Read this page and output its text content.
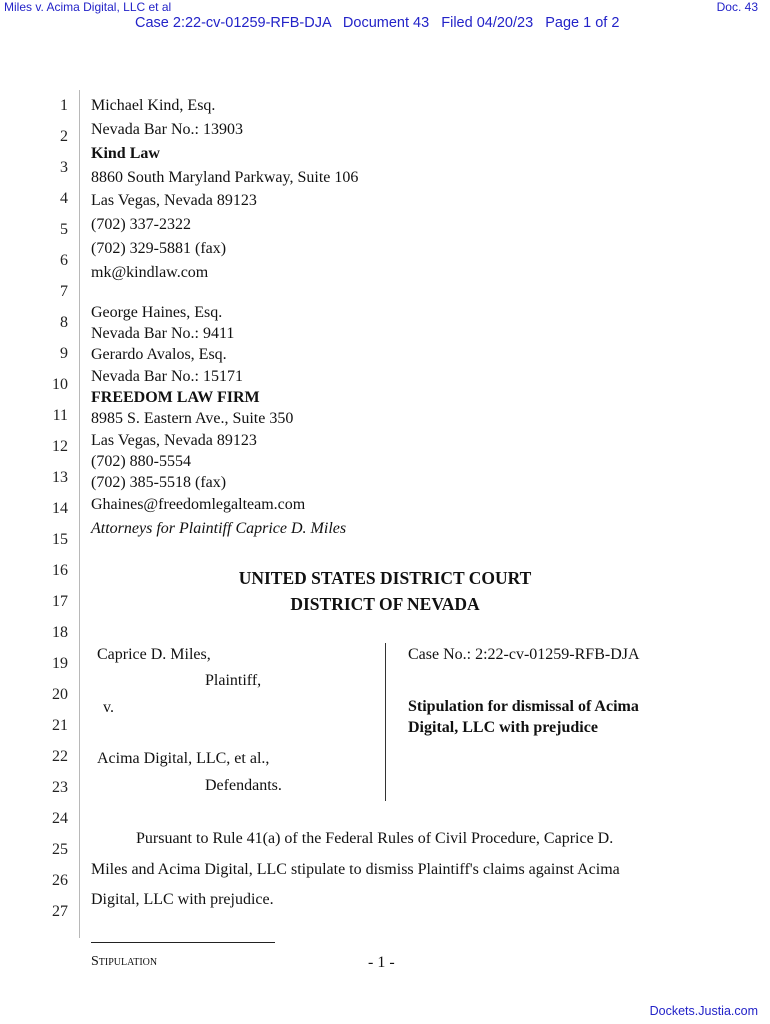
Miles v. Acima Digital, LLC et al	Doc. 43
Case 2:22-cv-01259-RFB-DJA   Document 43   Filed 04/20/23   Page 1 of 2
1
2
3
4
5
6
7
8
9
10
11
12
13
14
15
16
17
18
19
20
21
22
23
24
25
26
27
Michael Kind, Esq.
Nevada Bar No.: 13903
Kind Law
8860 South Maryland Parkway, Suite 106
Las Vegas, Nevada 89123
(702) 337-2322
(702) 329-5881 (fax)
mk@kindlaw.com
George Haines, Esq.
Nevada Bar No.: 9411
Gerardo Avalos, Esq.
Nevada Bar No.: 15171
FREEDOM LAW FIRM
8985 S. Eastern Ave., Suite 350
Las Vegas, Nevada 89123
(702) 880-5554
(702) 385-5518 (fax)
Ghaines@freedomlegalteam.com
Attorneys for Plaintiff Caprice D. Miles
UNITED STATES DISTRICT COURT
DISTRICT OF NEVADA
Caprice D. Miles,
Plaintiff,
v.
Acima Digital, LLC, et al.,
Defendants.
Case No.: 2:22-cv-01259-RFB-DJA
Stipulation for dismissal of Acima
Digital, LLC with prejudice
Pursuant to Rule 41(a) of the Federal Rules of Civil Procedure, Caprice D.
Miles and Acima Digital, LLC stipulate to dismiss Plaintiff's claims against Acima
Digital, LLC with prejudice.
Stipulation	- 1 -
Dockets.Justia.com
